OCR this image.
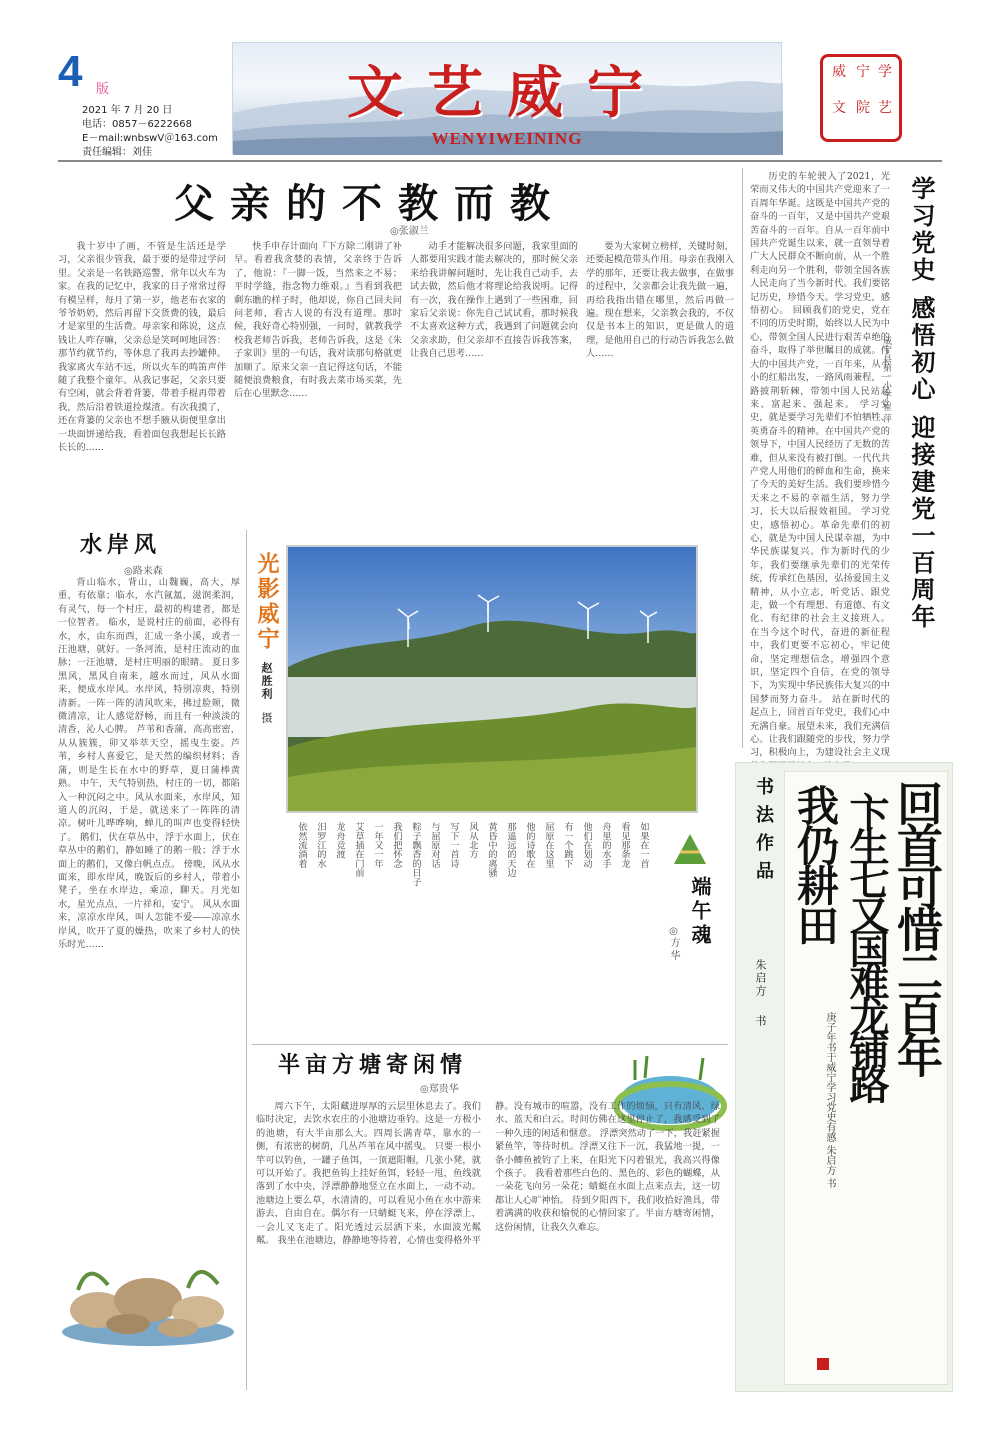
4 版
2021 年 7 月 20 日
电话：0857－6222668
E－mail:wnbswV＠163.com
责任编辑：刘佳
文艺威宁
WENYIWEINING
学
艺
宁
院
威
文
父亲的不教而教
◎张淑兰

我十岁中了画，不管是生活还是学习，父亲很少管我，最于要的是带过学问里。父亲是一名铁路巡警，常年以火车为家。在我的记忆中，我家的日子常常过得有模呈样，每月了第一岁，他老布衣家的爷爷奶奶，然后再留下交货费的钱，最后才是家里的生活费。母亲家和陈说，这点钱让人咋存嘛，父亲总是笑呵呵地回答：那节约就节约，等休息了我再去抄罐伸。我家离火车站不远，所以火车的鸣笛声伴随了我整个童年。从我记事起，父亲只要有空闲，就会背着背篓，带着手棍再带着我，然后沿着铁道捡煤渣。有次我摸了，还在背篓的父亲也不想手腋从街便里拿出一块面饼递给我，看着面包我想起长长路长长的……

快手申存计面向『下方除二刚讲了补早。看着我贪婪的表情，父亲终于告诉了，他说：『一脚一饭，当然来之不易；平时学缝，指念物力维艰。』当看到我把剩东瞧的样子时，他却说，你自己回夫问问老师，看古人说的有没有道理。那时候，我好奇心特别强，一问时，就教我学校我老师告诉我，老师告诉我，这是《朱子家训》里的一句话，我对读那句格就更加顺了。原来父亲一直记得这句话，不能随便浪费粮食，有时我去菜市场买菜，先后在心里默念……

动手才能解决很多问题，我家里面的人都要用实践才能去解决的，那时候父亲来给我讲解问题时，先让我自己动手，去试去做，然后他才将理论给我说明。记得有一次，我在操作上遇到了一些困难，回家后父亲说：你先自己试试看，那时候我不太喜欢这种方式，我遇到了问题就会向父亲求助，但父亲却不直接告诉我答案，让我自己思考……

要为大家树立榜样，关键时刻，还要起模范带头作用。母亲在我刚入学的那年，还要让我去做事，在做事的过程中，父亲都会让我先做一遍，再给我指出错在哪里，然后再做一遍。现在想来，父亲教会我的，不仅仅是书本上的知识，更是做人的道理，是他用自己的行动告诉我怎么做人……

历史的车轮驶入了2021，光荣而又伟大的中国共产党迎来了一百周年华诞。这既是中国共产党的奋斗的一百年，又是中国共产党艰苦奋斗的一百年。自从一百年前中国共产党诞生以来，就一直领导着广大人民群众不断向前，从一个胜利走向另一个胜利，带领全国各族人民走向了当今新时代。我们要铭记历史，珍惜今天。学习党史，感悟初心。 回顾我们的党史，党在不同的历史时期，始终以人民为中心，带领全国人民进行艰苦卓绝的奋斗，取得了举世瞩目的成就。伟大的中国共产党，一百年来，从小小的红船出发，一路风雨兼程，一路披荆斩棘，带领中国人民站起来、富起来、强起来。 学习党史，就是要学习先辈们不怕牺牲、英勇奋斗的精神。在中国共产党的领导下，中国人民经历了无数的苦难，但从来没有被打倒。一代代共产党人用他们的鲜血和生命，换来了今天的美好生活。我们要珍惜今天来之不易的幸福生活，努力学习，长大以后报效祖国。 学习党史，感悟初心。革命先辈们的初心，就是为中国人民谋幸福，为中华民族谋复兴。作为新时代的少年，我们要继承先辈们的光荣传统，传承红色基因，弘扬爱国主义精神，从小立志，听党话、跟党走，做一个有理想、有道德、有文化、有纪律的社会主义接班人。 在当今这个时代，奋进的新征程中，我们更要不忘初心，牢记使命，坚定理想信念，增强四个意识，坚定四个自信，在党的领导下，为实现中华民族伟大复兴的中国梦而努力奋斗。 站在新时代的起点上，回首百年党史，我们心中充满自豪。展望未来，我们充满信心。让我们跟随党的步伐，努力学习，积极向上，为建设社会主义现

学习党史 感悟初心 迎接建党一百周年
威宁县第一小学 崔 萍
水岸风
◎路来森

背山临水，背山，山魏巍，高大，厚重，有依靠；临水，水汽氤氲，滋润柔润，有灵气，每一个村庄，最初的构建者，都是一位智者。 临水，是说村庄的前面，必得有水，水，由东而西，汇成一条小溪，或者一汪池塘，就好。一条河流，是村庄流动的血脉；一汪池塘，是村庄明丽的眼睛。 夏日多黑风，黑风自南来，越水而过，风从水面来，便成水岸风。水岸风，特别凉爽，特别清新。一阵一阵的清风吹来，拂过脸颊，微微清凉，让人感觉舒畅，而且有一种淡淡的清香，沁人心脾。 芦苇和香蒲，高高密密，从从簇簇，卯又举萃天空，摇曳生姿。芦苇，乡村人喜爱它，是天然的编织材料；香蒲，则是生长在水中的野草，夏日蒲棒黄熟。 中午，天气特别热，村庄的一切，都陷入一种沉闷之中。风从水面来，水岸风，知道人的沉闷，于是，就送来了一阵阵的清凉。树叶儿哗哗响，蝉儿的叫声也变得轻快了。 鹅们，伏在草丛中，浮于水面上，伏在草丛中的鹅们，静如睡了的鹅一般；浮于水面上的鹅们，又像白帆点点。 傍晚，风从水面来，即水岸风，晚饭后的乡村人，带着小凳子，坐在水岸边，乘凉，聊天。月光如水，星光点点，一片祥和，安宁。 风从水面来，凉凉水岸风，叫人怎能不爱——凉凉水岸风，吹开了夏的燥热，吹来了乡村人的快乐时光……

光影威宁
赵胜利
摄
端午魂
◎方 华
如果在一首
看见那条龙
舟里的水手
他们在划动
有一个跳下
屈原在这里
他的诗歌在
那遥远的天边
黄昏中的离骚
风从北方
写下一首诗
与屈原对话
粽子飘香的日子
我们把怀念
一年又一年
艾草插在门前
龙舟竞渡
汨罗江的水
依然流淌着
半亩方塘寄闲情
◎郑贵华

周六下午，太阳藏进厚厚的云层里休息去了。我们临时决定，去饮水农庄的小池塘边垂钓。这是一方极小的池塘，有大半亩那么大。四周长满青草，靠水的一侧，有浓密的树荫，几丛芦苇在风中摇曳。 只要一根小竿可以钓鱼，一罐子鱼饵，一顶遮阳帽，几张小凳，就可以开始了。我把鱼钩上挂好鱼饵，轻轻一甩，鱼线就落到了水中央，浮漂静静地竖立在水面上，一动不动。 池塘边上要么草，水清清的，可以看见小鱼在水中游来游去，自由自在。偶尔有一只蜻蜓飞来，停在浮漂上，一会儿又飞走了。阳光透过云层洒下来，水面波光粼粼。 我坐在池塘边，静静地等待着，心情也变得格外平静。没有城市的喧嚣，没有工作的烦恼，只有清风、绿水、蓝天和白云。时间仿佛在这里停止了，我感受到了一种久违的闲适和惬意。 浮漂突然动了一下，我赶紧握紧鱼竿，等待时机。浮漂又往下一沉，我猛地一提，一条小鲫鱼被钓了上来，在阳光下闪着银光，我高兴得像个孩子。 我看着那些白色的、黑色的、彩色的蝴蝶，从一朵花飞向另一朵花；蜻蜓在水面上点来点去，这一切都让人心旷神怡。 待到夕阳西下，我们收拾好渔具，带着满满的收获和愉悦的心情回家了。半亩方塘寄闲情，这份闲情，让我久久难忘。

书法作品
朱启方
书	回首可惜二百年
卞生七又国难龙铺路
我仍耕田
庚子年书于威宁学习党史有感 朱启方 书
